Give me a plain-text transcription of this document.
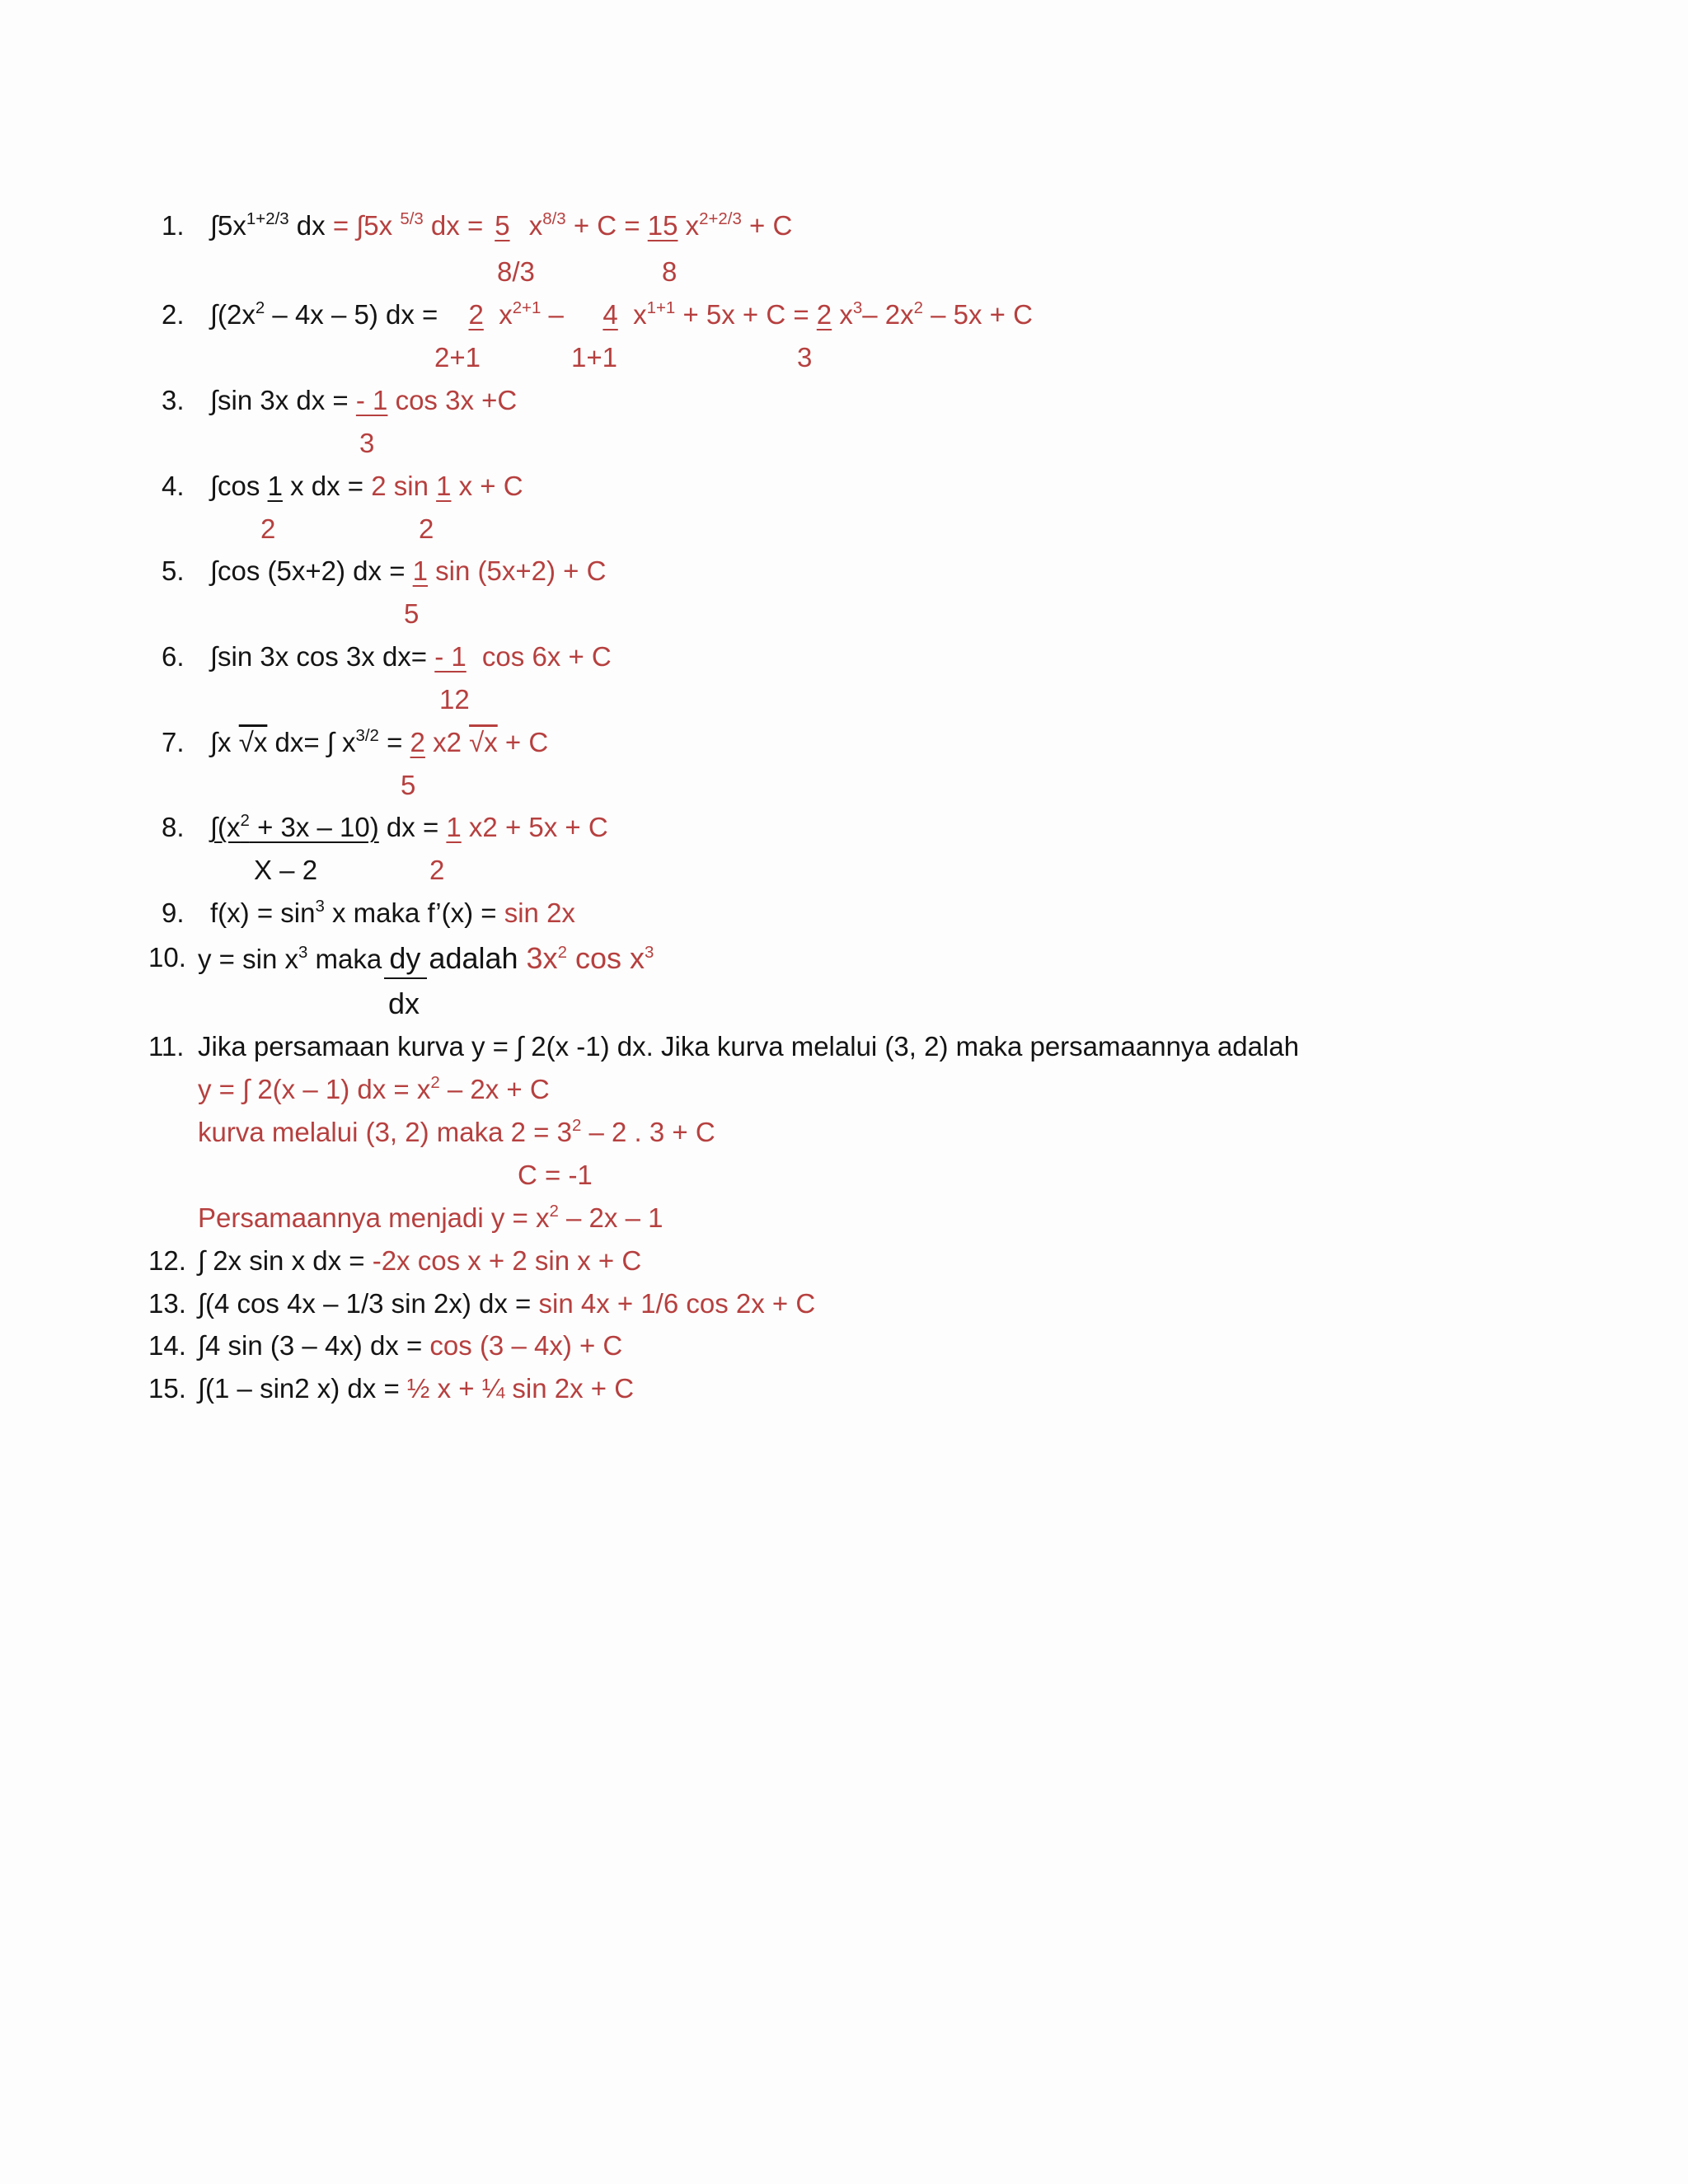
1. $\int 5x^{1+2/3}$ dx = ∫5x $^{5/3}$ dx = 5 $x^{8/3} + C = 15$ $x^{2+2/3} + C$
8/3	8
2. $\int(2x^2 - 4x - 5)$ dx = 2 $x^{2+1} - 4$ $x^{1+1} + 5x + C = 2$ $x^3-$ $2x^2 - 5x + C$
2+1	1+1	3
3. ∫sin 3x dx = - 1 cos 3x +C
3
4. ∫cos 1 x dx = 2 sin 1 x + C
2	2
5. ∫cos (5x+2) dx = 1 sin (5x+2) + C
5
6. ∫sin 3x cos 3x dx= - 1 cos 6x + C
12
7. ∫x √x dx= ∫ $x^{3/2} = 2$ x2 √x + C
5
8. $\int(x^2 + 3x - 10)$ dx = 1 x2 + 5x + C
X – 2	2
9. $f(x) = \sin^3 x$ maka f’(x) = sin 2x
10. $y = \sin x^3$ maka dy adalah $3x^2$ $\cos x^3$
dx
11. Jika persamaan kurva y = ∫ 2(x -1) dx. Jika kurva melalui (3, 2) maka persamaannya adalah
y = ∫ 2(x – 1) dx = $x^2 - 2x + C$
kurva melalui (3, 2) maka $2 = 3^2 - 2$ . 3 + C
C = -1
Persamaannya menjadi $y = x^2 - 2x - 1$
12. ∫ 2x sin x dx = -2x cos x + 2 sin x + C
13. ∫(4 cos 4x – 1/3 sin 2x) dx = sin 4x + 1/6 cos 2x + C
14. ∫4 sin (3 – 4x) dx = cos (3 – 4x) + C
15. ∫(1 – sin2 x) dx = ½ x + ¼ sin 2x + C
